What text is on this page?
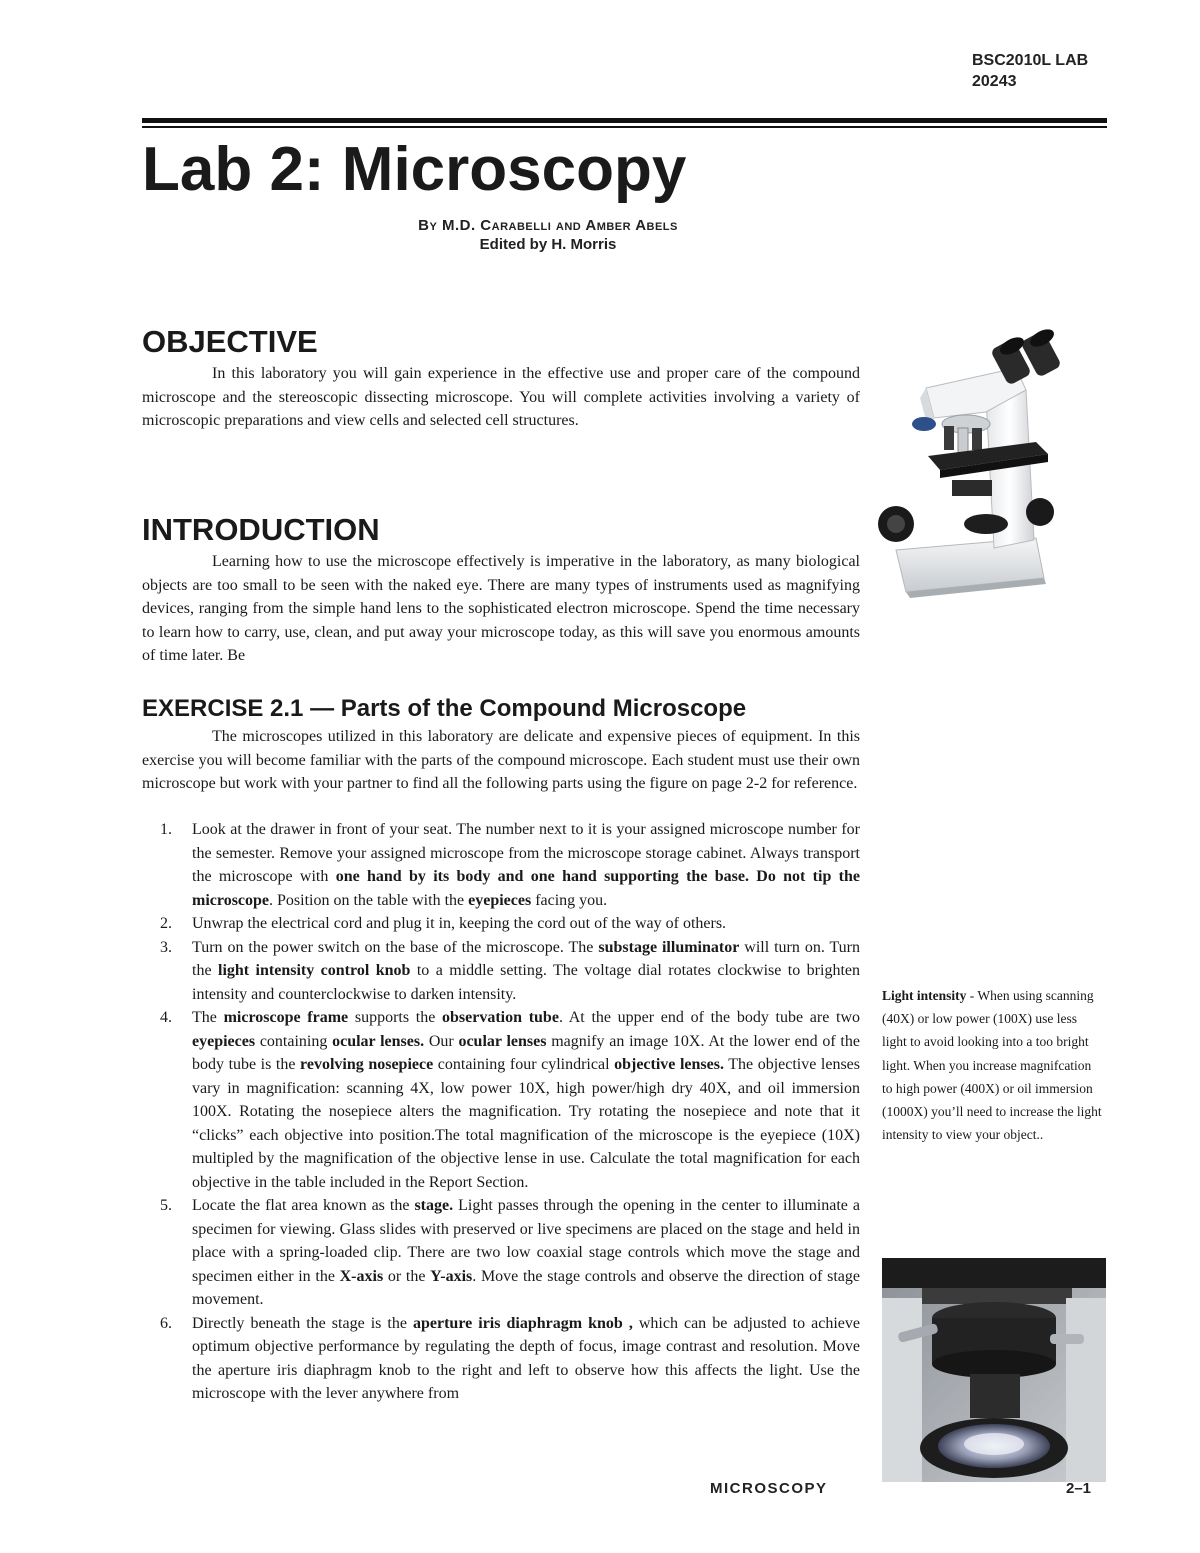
BSC2010L LAB
20243
Lab 2: Microscopy
By M.D. Carabelli and Amber Abels
Edited by H. Morris
OBJECTIVE

In this laboratory you will gain experience in the effective use and proper care of the compound microscope and the stereoscopic dissecting microscope. You will complete activities involving a variety of microscopic preparations and view cells and selected cell structures.

INTRODUCTION

Learning how to use the microscope effectively is imperative in the laboratory, as many biological objects are too small to be seen with the naked eye. There are many types of instruments used as magnifying devices, ranging from the simple hand lens to the sophisticated electron microscope. Spend the time necessary to learn how to carry, use, clean, and put away your microscope today, as this will save you enormous amounts of time later. Be

EXERCISE 2.1 — Parts of the Compound Microscope

The microscopes utilized in this laboratory are delicate and expensive pieces of equipment. In this exercise you will become familiar with the parts of the compound microscope. Each student must use their own microscope but work with your partner to find all the following parts using the figure on page 2-2 for reference.

1.	Look at the drawer in front of your seat. The number next to it is your assigned microscope number for the semester. Remove your assigned microscope from the microscope storage cabinet. Always transport the microscope with one hand by its body and one hand supporting the base. Do not tip the microscope. Position on the table with the eyepieces facing you.
2.	Unwrap the electrical cord and plug it in, keeping the cord out of the way of others.
3.	Turn on the power switch on the base of the microscope. The substage illuminator will turn on. Turn the light intensity control knob to a middle setting. The voltage dial rotates clockwise to brighten intensity and counterclockwise to darken intensity.
4.	The microscope frame supports the observation tube. At the upper end of the body tube are two eyepieces containing ocular lenses. Our ocular lenses magnify an image 10X. At the lower end of the body tube is the revolving nosepiece containing four cylindrical objective lenses. The objective lenses vary in magnification: scanning 4X, low power 10X, high power/high dry 40X, and oil immersion 100X. Rotating the nosepiece alters the magnification. Try rotating the nosepiece and note that it “clicks” each objective into position.The total magnification of the microscope is the eyepiece (10X) multipled by the magnification of the objective lense in use. Calculate the total magnification for each objective in the table included in the Report Section.
5.	Locate the flat area known as the stage. Light passes through the opening in the center to illuminate a specimen for viewing. Glass slides with preserved or live specimens are placed on the stage and held in place with a spring-loaded clip. There are two low coaxial stage controls which move the stage and specimen either in the X-axis or the Y-axis. Move the stage controls and observe the direction of stage movement.
6.	Directly beneath the stage is the aperture iris diaphragm knob , which can be adjusted to achieve optimum objective performance by regulating the depth of focus, image contrast and resolution. Move the aperture iris diaphragm knob to the right and left to observe how this affects the light. Use the microscope with the lever anywhere from
Light intensity - When using scanning (40X) or low power (100X) use less light to avoid looking into a too bright light. When you increase magnifcation to high power (400X) or oil immersion (1000X) you’ll need to increase the light intensity to view your object..
MICROSCOPY	2–1
